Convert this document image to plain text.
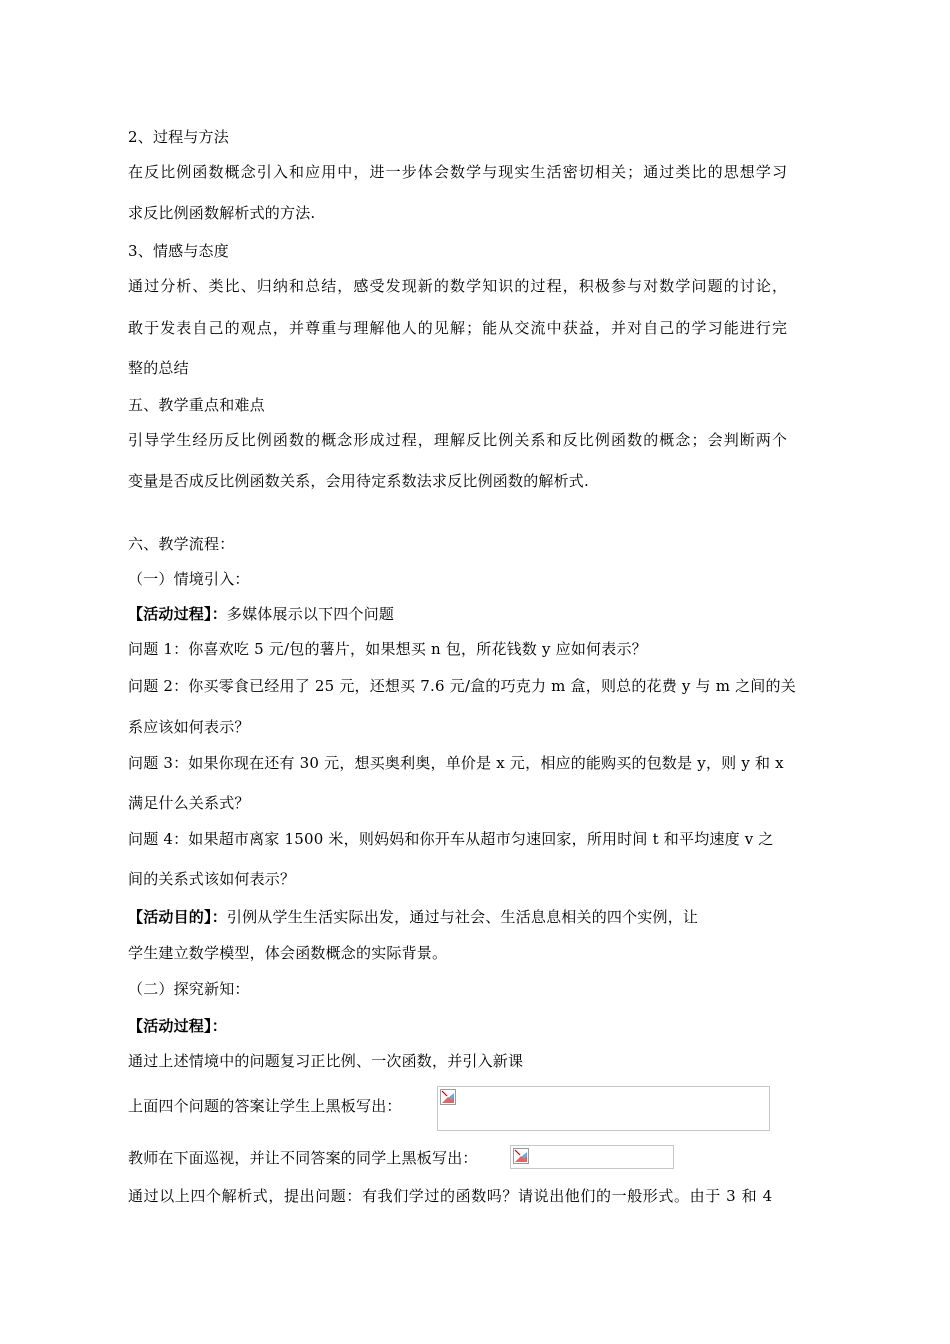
2、过程与方法
在反比例函数概念引入和应用中，进一步体会数学与现实生活密切相关；通过类比的思想学习
求反比例函数解析式的方法.
3、情感与态度
通过分析、类比、归纳和总结，感受发现新的数学知识的过程，积极参与对数学问题的讨论，
敢于发表自己的观点，并尊重与理解他人的见解；能从交流中获益，并对自己的学习能进行完
整的总结
五、教学重点和难点
引导学生经历反比例函数的概念形成过程，理解反比例关系和反比例函数的概念；会判断两个
变量是否成反比例函数关系，会用待定系数法求反比例函数的解析式.
六、教学流程：
（一）情境引入：
【活动过程】：多媒体展示以下四个问题
问题 1：你喜欢吃 5 元/包的薯片，如果想买 n 包，所花钱数 y 应如何表示？
问题 2：你买零食已经用了 25 元，还想买 7.6 元/盒的巧克力 m 盒，则总的花费 y 与 m 之间的关
系应该如何表示？
问题 3：如果你现在还有 30 元，想买奥利奥，单价是 x 元，相应的能购买的包数是 y，则 y 和 x
满足什么关系式？
问题 4：如果超市离家 1500 米，则妈妈和你开车从超市匀速回家，所用时间 t 和平均速度 v 之
间的关系式该如何表示？
【活动目的】：引例从学生生活实际出发，通过与社会、生活息息相关的四个实例，让
学生建立数学模型，体会函数概念的实际背景。
（二）探究新知：
【活动过程】：
通过上述情境中的问题复习正比例、一次函数，并引入新课
上面四个问题的答案让学生上黑板写出：
教师在下面巡视，并让不同答案的同学上黑板写出：
通过以上四个解析式，提出问题：有我们学过的函数吗？请说出他们的一般形式。由于 3 和 4
